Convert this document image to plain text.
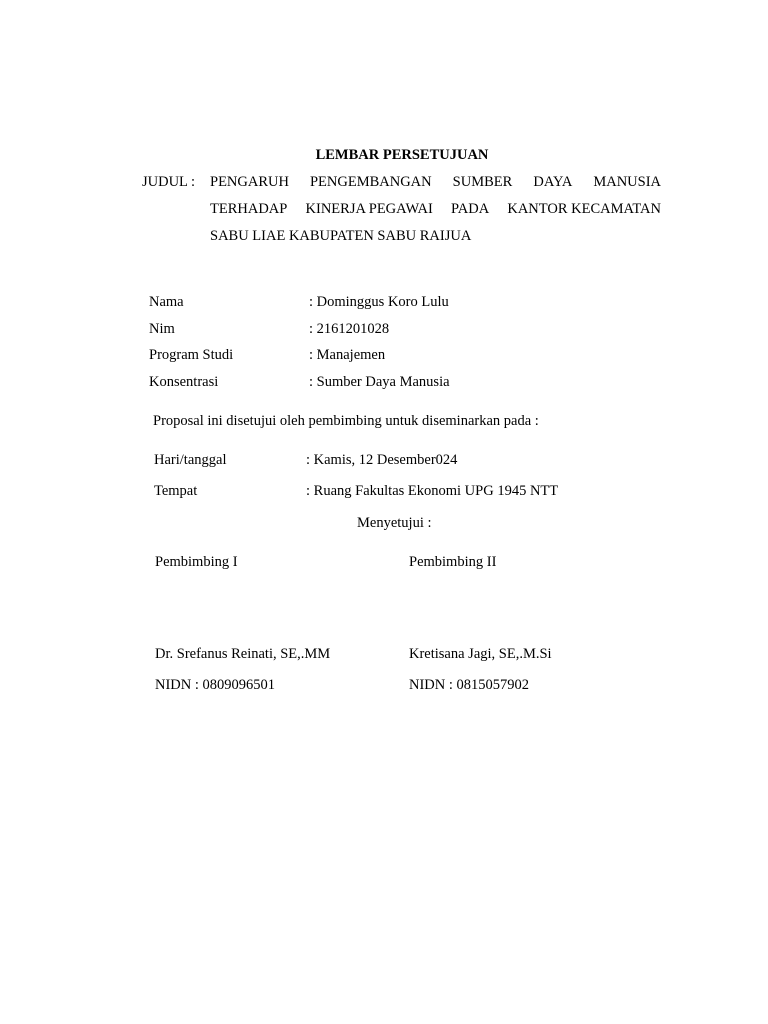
LEMBAR PERSETUJUAN
JUDUL : PENGARUH PENGEMBANGAN SUMBER DAYA MANUSIA
TERHADAP KINERJA PEGAWAI PADA KANTOR KECAMATAN
SABU LIAE KABUPATEN SABU RAIJUA
Nama	: Dominggus Koro Lulu
Nim	: 2161201028
Program Studi	: Manajemen
Konsentrasi	: Sumber Daya Manusia
Proposal ini disetujui oleh pembimbing untuk diseminarkan pada :
Hari/tanggal	: Kamis, 12 Desember024
Tempat	: Ruang Fakultas Ekonomi UPG 1945 NTT
Menyetujui :
Pembimbing I	Pembimbing II
Dr. Srefanus Reinati, SE,.MM	Kretisana Jagi, SE,.M.Si
NIDN : 0809096501	NIDN : 0815057902
